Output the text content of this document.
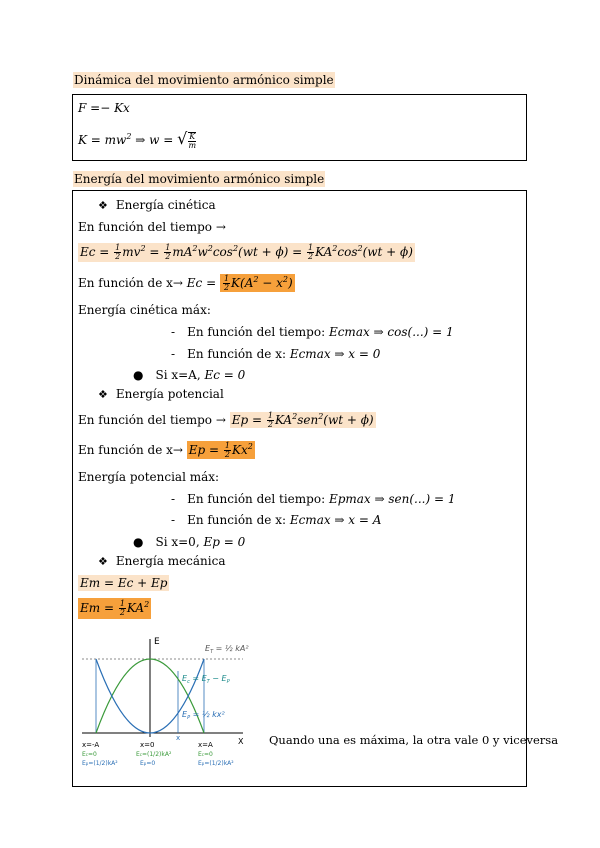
Dinámica del movimiento armónico simple
F =− Kx
$K = mw^2$ ⇒ w = √ $\frac{K}{m}$
Energía del movimiento armónico simple
❖ Energía cinética
En función del tiempo →
$Ec = \frac{1}{2} mv^2 = \frac{1}{2} mA^2w^2\cos^2(wt + \phi) = \frac{1}{2} KA^2\cos^2(wt + \phi)$
En función de $x\to Ec = \frac{1}{2} K(A^2 - x^2)$
Energía cinética máx:
- En función del tiempo: Ecmax ⇒ cos(...) = 1
- En función de x: Ecmax ⇒ x = 0
● Si x=A, Ec = 0
❖ Energía potencial
En función del tiempo → $Ep = \frac{1}{2} KA^2sen^2(wt + \phi)$
En función de $x\to Ep = \frac{1}{2} Kx^2$
Energía potencial máx:
- En función del tiempo: Epmax ⇒ sen(...) = 1
- En función de x: Ecmax ⇒ x = A
● Si x=0, Ep = 0
❖ Energía mecánica
Em = Ec + Ep
$Em = \frac{1}{2} KA^2$
E
X
$E_T$ = ½ kA²
$E_c = E_T - E_P$
$E_P$ = ½ kx²
x
x=-A	x=0	x=A
Ec=0
Ep=(1/2)kA²
Ec=(1/2)kA²
Ep=0
Ec=0
Ep=(1/2)kA²
Quando una es máxima, la otra vale 0 y viceversa
